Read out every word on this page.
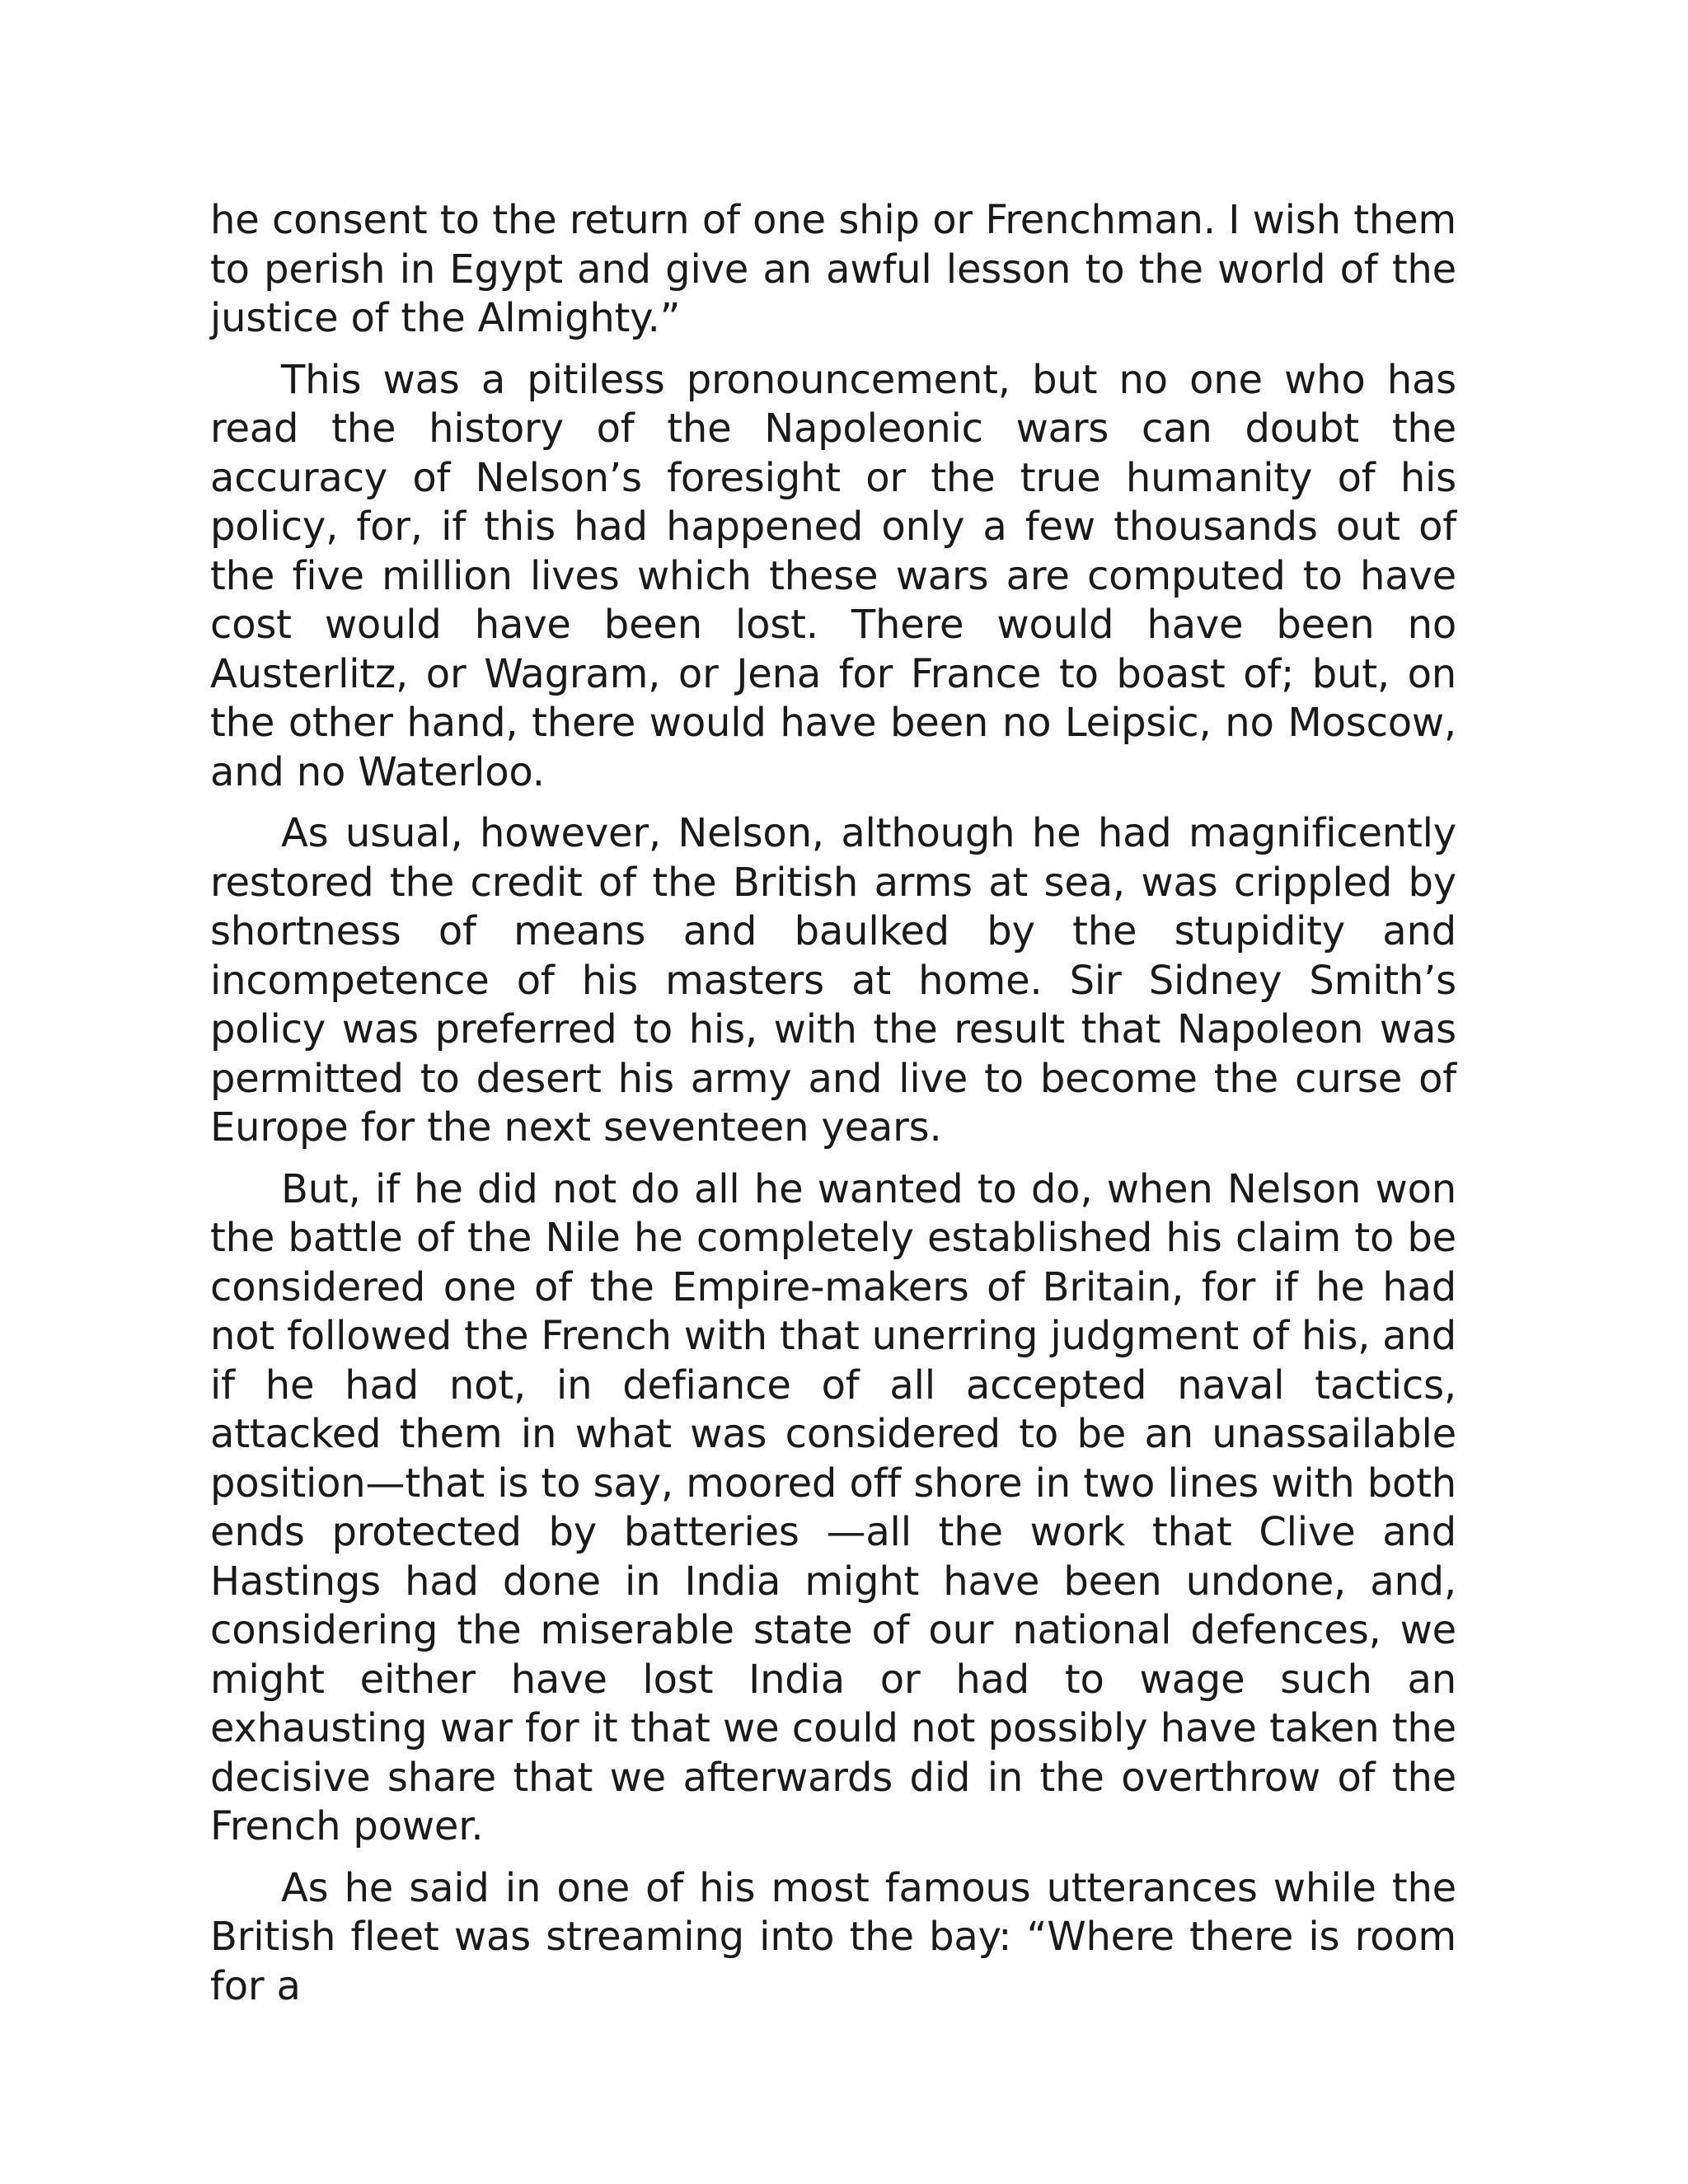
he consent to the return of one ship or Frenchman. I wish them to perish in Egypt and give an awful lesson to the world of the justice of the Almighty.”

This was a pitiless pronouncement, but no one who has read the history of the Napoleonic wars can doubt the accuracy of Nelson’s foresight or the true humanity of his policy, for, if this had happened only a few thousands out of the five million lives which these wars are computed to have cost would have been lost. There would have been no Austerlitz, or Wagram, or Jena for France to boast of; but, on the other hand, there would have been no Leipsic, no Moscow, and no Waterloo.

As usual, however, Nelson, although he had magnificently restored the credit of the British arms at sea, was crippled by shortness of means and baulked by the stupidity and incompetence of his masters at home. Sir Sidney Smith’s policy was preferred to his, with the result that Napoleon was permitted to desert his army and live to become the curse of Europe for the next seventeen years.

But, if he did not do all he wanted to do, when Nelson won the battle of the Nile he completely established his claim to be considered one of the Empire-makers of Britain, for if he had not followed the French with that unerring judgment of his, and if he had not, in defiance of all accepted naval tactics, attacked them in what was considered to be an unassailable position—that is to say, moored off shore in two lines with both ends protected by batteries —all the work that Clive and Hastings had done in India might have been undone, and, considering the miserable state of our national defences, we might either have lost India or had to wage such an exhausting war for it that we could not possibly have taken the decisive share that we afterwards did in the overthrow of the French power.

As he said in one of his most famous utterances while the British fleet was streaming into the bay: “Where there is room for a
